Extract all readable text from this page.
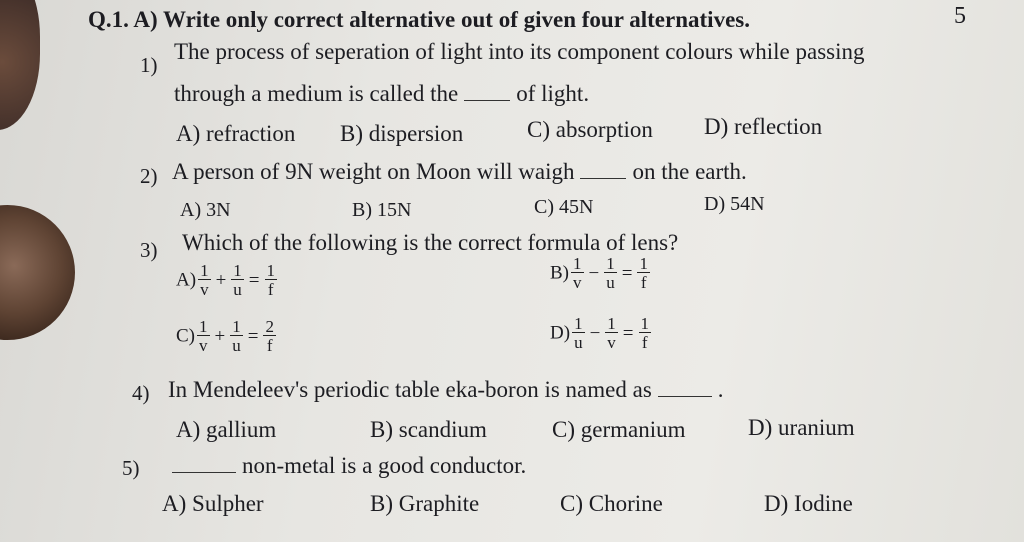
Q.1. A) Write only correct alternative out of given four alternatives.	5
1)
The process of seperation of light into its component colours while passing
through a medium is called the	of light.
A) refraction B) dispersion	C) absorption D) reflection
2) A person of 9N weight on Moon will waigh	on the earth.
A) 3N	B) 15N	C) 45N	D) 54N
3) Which of the following is the correct formula of lens?
$A) \frac{1}{v} + \frac{1}{u} = \frac{1}{f}$	$B) \frac{1}{v} - \frac{1}{u} = \frac{1}{f}$
$C) \frac{1}{v} + \frac{1}{u} = \frac{2}{f}$	$D) \frac{1}{u} - \frac{1}{v} = \frac{1}{f}$
4) In Mendeleev's periodic table eka-boron is named as	.
A) gallium	B) scandium	C) germanium	D) uranium
5)	non-metal is a good conductor.
A) Sulpher	B) Graphite	C) Chorine	D) Iodine
